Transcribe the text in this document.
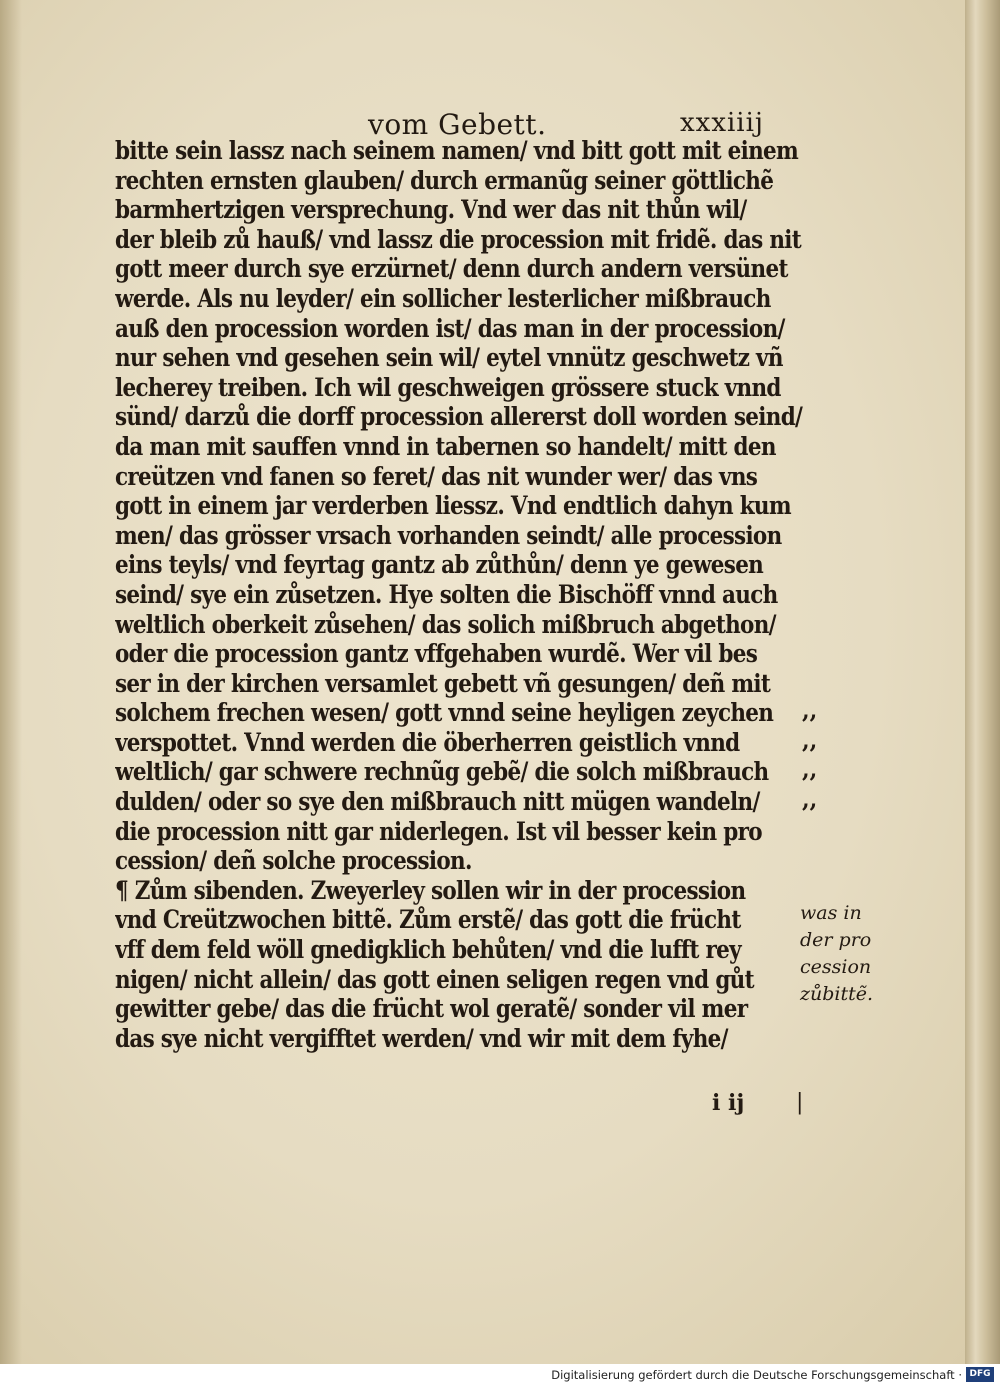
vom Gebett.	xxxiiij
bitte sein lassz nach seinem namen/ vnd bitt gott mit einem
rechten ernsten glauben/ durch ermanũg seiner göttlichẽ
barmhertzigen versprechung. Vnd wer das nit thůn wil/
der bleib zů hauß/ vnd lassz die procession mit fridẽ. das nit
gott meer durch sye erzürnet/ denn durch andern versünet
werde. Als nu leyder/ ein sollicher lesterlicher mißbrauch
auß den procession worden ist/ das man in der procession/
nur sehen vnd gesehen sein wil/ eytel vnnütz geschwetz vñ
lecherey treiben. Ich wil geschweigen grössere stuck vnnd
sünd/ darzů die dorff procession allererst doll worden seind/
da man mit sauffen vnnd in tabernen so handelt/ mitt den
creützen vnd fanen so feret/ das nit wunder wer/ das vns
gott in einem jar verderben liessz. Vnd endtlich dahyn kum
men/ das grösser vrsach vorhanden seindt/ alle procession
eins teyls/ vnd feyrtag gantz ab zůthůn/ denn ye gewesen
seind/ sye ein zůsetzen. Hye solten die Bischöff vnnd auch
weltlich oberkeit zůsehen/ das solich mißbruch abgethon/
oder die procession gantz vffgehaben wurdẽ. Wer vil bes
ser in der kirchen versamlet gebett vñ gesungen/ deñ mit
solchem frechen wesen/ gott vnnd seine heyligen zeychen
verspottet. Vnnd werden die öberherren geistlich vnnd
weltlich/ gar schwere rechnũg gebẽ/ die solch mißbrauch
dulden/ oder so sye den mißbrauch nitt mügen wandeln/
die procession nitt gar niderlegen. Ist vil besser kein pro
cession/ deñ solche procession.
¶ Zům sibenden. Zweyerley sollen wir in der procession
vnd Creützwochen bittẽ. Zům erstẽ/ das gott die frücht
vff dem feld wöll gnedigklich behůten/ vnd die lufft rey
nigen/ nicht allein/ das gott einen seligen regen vnd gůt
gewitter gebe/ das die frücht wol geratẽ/ sonder vil mer
das sye nicht vergifftet werden/ vnd wir mit dem fyhe/
,,
,,
,,
,,
was in
der pro
cession
zůbittẽ.
i ij |
Digitalisierung gefördert durch die Deutsche Forschungsgemeinschaft · DFG
